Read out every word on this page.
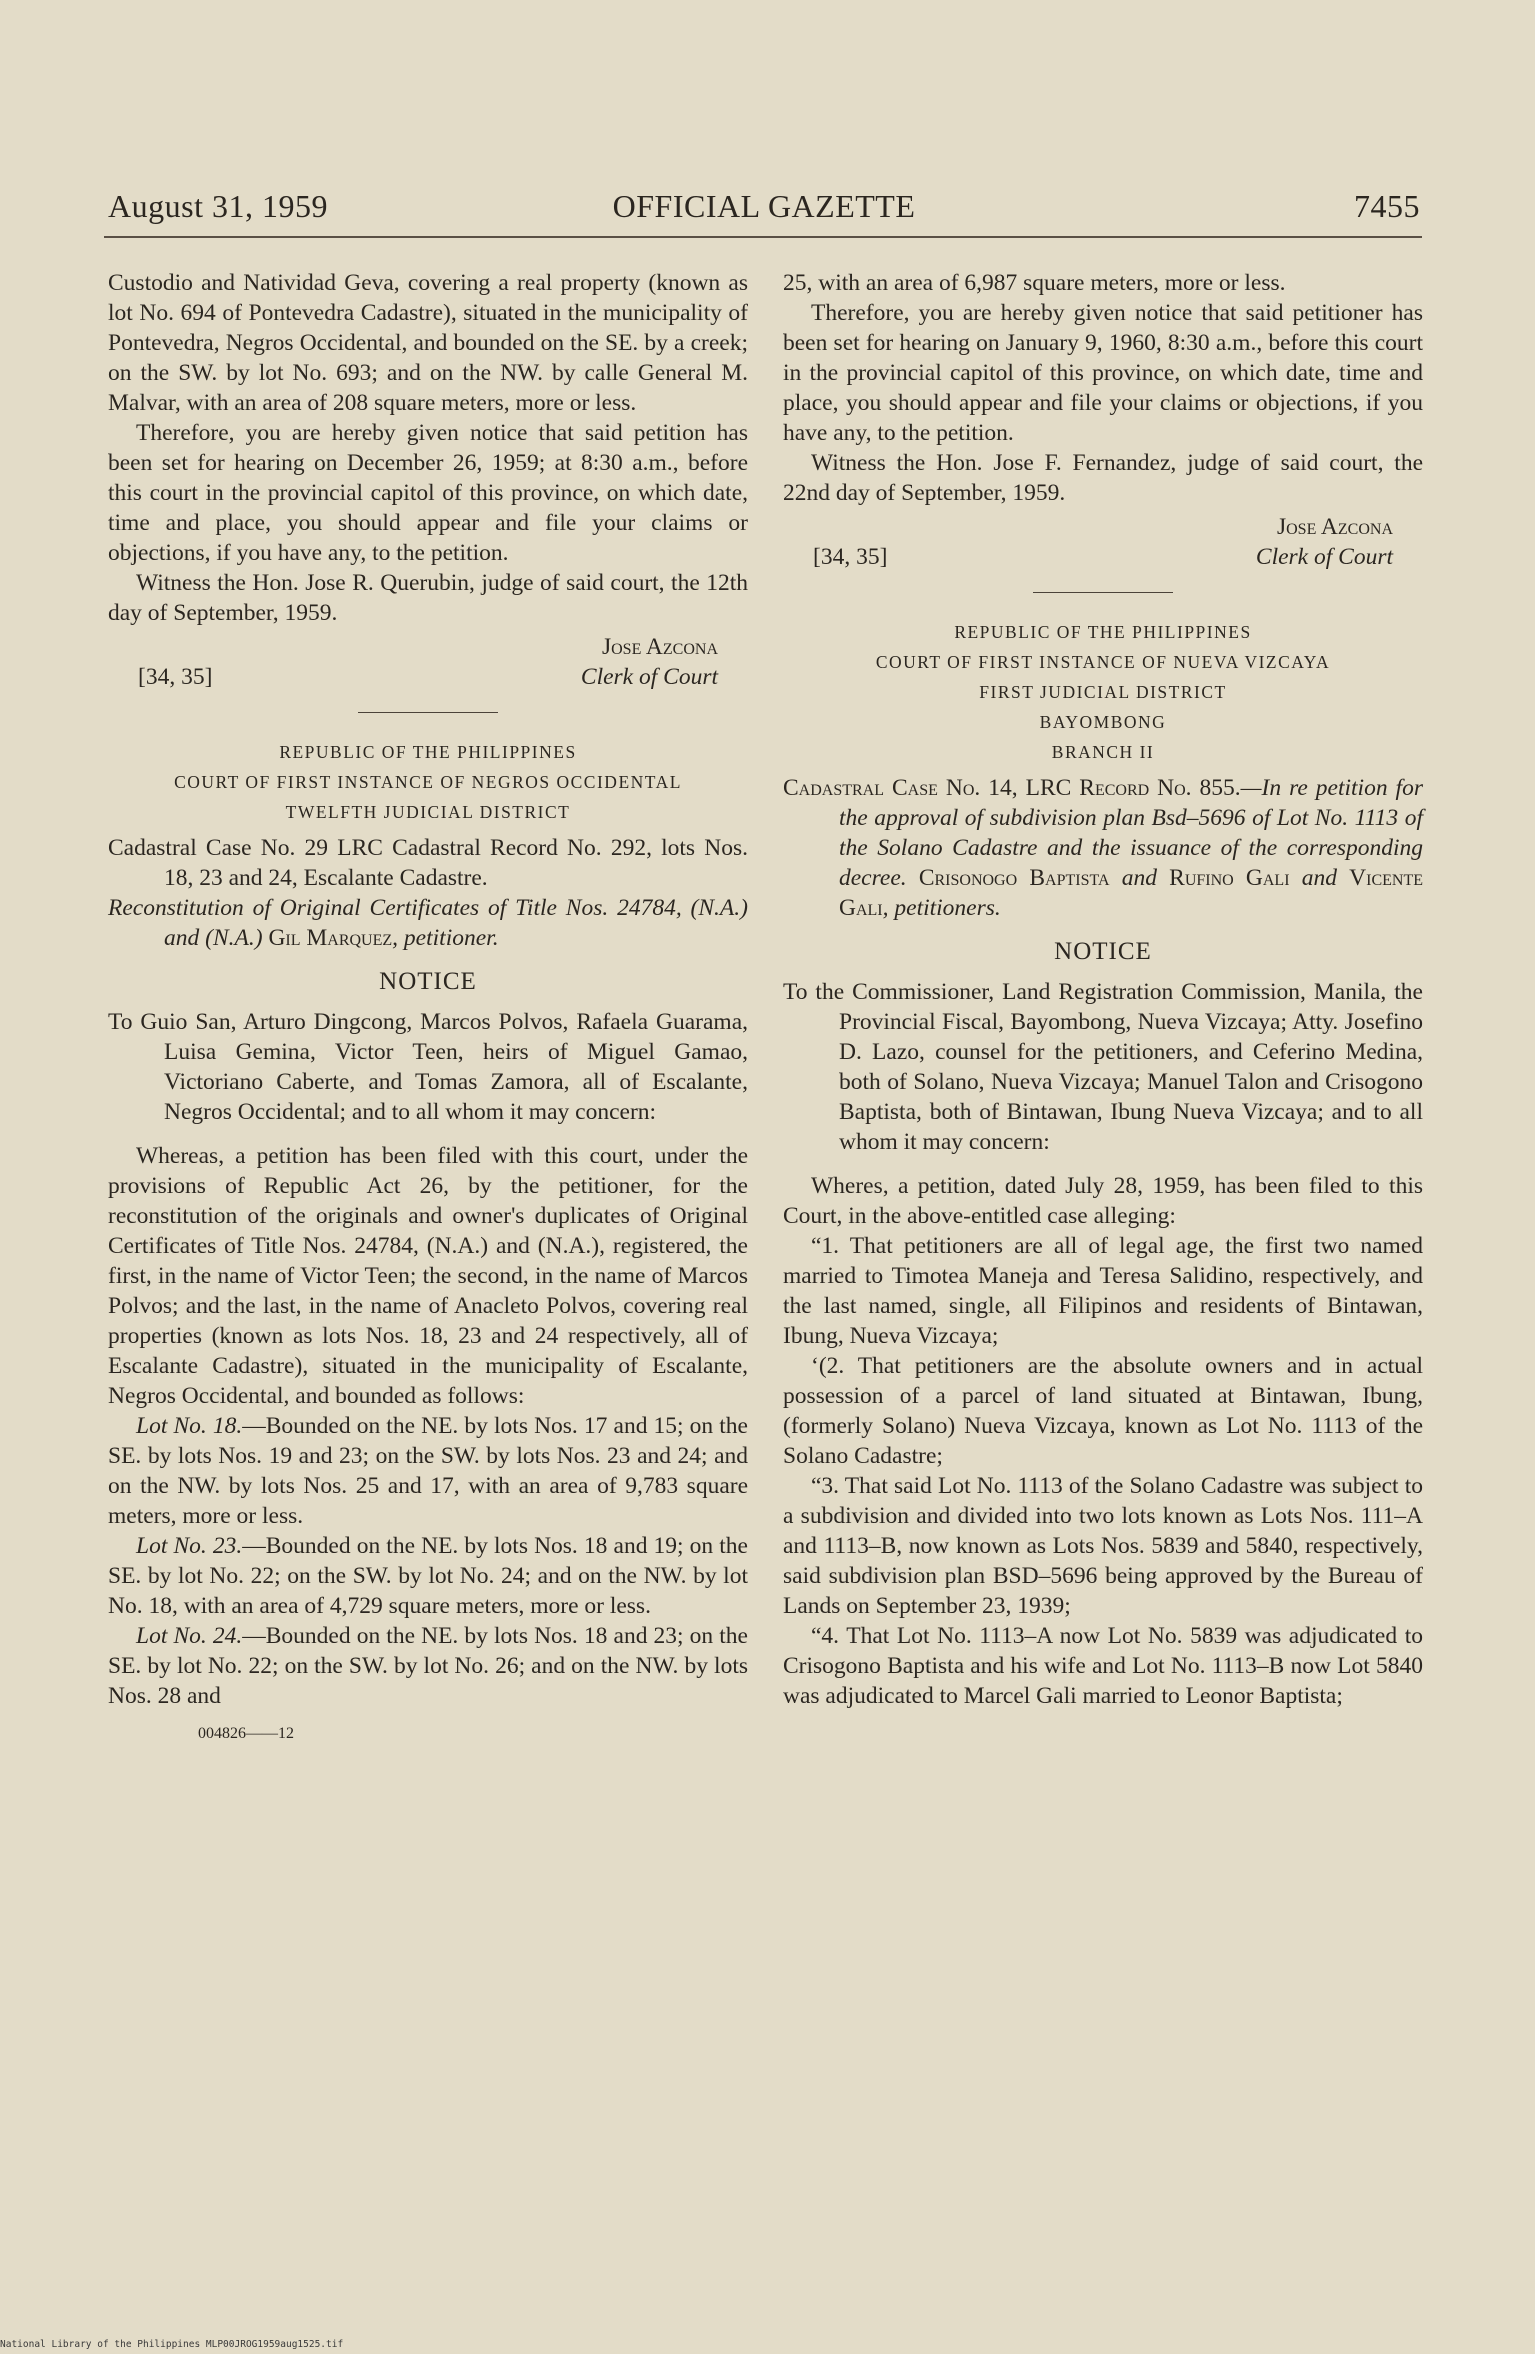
August 31, 1959	OFFICIAL GAZETTE	7455

Custodio and Natividad Geva, covering a real property (known as lot No. 694 of Pontevedra Cadastre), situated in the municipality of Pontevedra, Negros Occidental, and bounded on the SE. by a creek; on the SW. by lot No. 693; and on the NW. by calle General M. Malvar, with an area of 208 square meters, more or less.

Therefore, you are hereby given notice that said petition has been set for hearing on December 26, 1959; at 8:30 a.m., before this court in the provincial capitol of this province, on which date, time and place, you should appear and file your claims or objections, if you have any, to the petition.

Witness the Hon. Jose R. Querubin, judge of said court, the 12th day of September, 1959.

Jose Azcona
[34, 35]	Clerk of Court
REPUBLIC OF THE PHILIPPINES
COURT OF FIRST INSTANCE OF NEGROS OCCIDENTAL
TWELFTH JUDICIAL DISTRICT

Cadastral Case No. 29 LRC Cadastral Record No. 292, lots Nos. 18, 23 and 24, Escalante Cadastre.

Reconstitution of Original Certificates of Title Nos. 24784, (N.A.) and (N.A.) Gil Marquez, petitioner.

NOTICE

To Guio San, Arturo Dingcong, Marcos Polvos, Rafaela Guarama, Luisa Gemina, Victor Teen, heirs of Miguel Gamao, Victoriano Caberte, and Tomas Zamora, all of Escalante, Negros Occidental; and to all whom it may concern:

Whereas, a petition has been filed with this court, under the provisions of Republic Act 26, by the petitioner, for the reconstitution of the originals and owner's duplicates of Original Certificates of Title Nos. 24784, (N.A.) and (N.A.), registered, the first, in the name of Victor Teen; the second, in the name of Marcos Polvos; and the last, in the name of Anacleto Polvos, covering real properties (known as lots Nos. 18, 23 and 24 respectively, all of Escalante Cadastre), situated in the municipality of Escalante, Negros Occidental, and bounded as follows:

Lot No. 18.—Bounded on the NE. by lots Nos. 17 and 15; on the SE. by lots Nos. 19 and 23; on the SW. by lots Nos. 23 and 24; and on the NW. by lots Nos. 25 and 17, with an area of 9,783 square meters, more or less.

Lot No. 23.—Bounded on the NE. by lots Nos. 18 and 19; on the SE. by lot No. 22; on the SW. by lot No. 24; and on the NW. by lot No. 18, with an area of 4,729 square meters, more or less.

Lot No. 24.—Bounded on the NE. by lots Nos. 18 and 23; on the SE. by lot No. 22; on the SW. by lot No. 26; and on the NW. by lots Nos. 28 and

004826——12

25, with an area of 6,987 square meters, more or less.

Therefore, you are hereby given notice that said petitioner has been set for hearing on January 9, 1960, 8:30 a.m., before this court in the provincial capitol of this province, on which date, time and place, you should appear and file your claims or objections, if you have any, to the petition.

Witness the Hon. Jose F. Fernandez, judge of said court, the 22nd day of September, 1959.

Jose Azcona
[34, 35]	Clerk of Court
REPUBLIC OF THE PHILIPPINES
COURT OF FIRST INSTANCE OF NUEVA VIZCAYA
FIRST JUDICIAL DISTRICT
BAYOMBONG
BRANCH II

Cadastral Case No. 14, LRC Record No. 855.—In re petition for the approval of subdivision plan Bsd–5696 of Lot No. 1113 of the Solano Cadastre and the issuance of the corresponding decree. Crisonogo Baptista and Rufino Gali and Vicente Gali, petitioners.

NOTICE

To the Commissioner, Land Registration Commission, Manila, the Provincial Fiscal, Bayombong, Nueva Vizcaya; Atty. Josefino D. Lazo, counsel for the petitioners, and Ceferino Medina, both of Solano, Nueva Vizcaya; Manuel Talon and Crisogono Baptista, both of Bintawan, Ibung Nueva Vizcaya; and to all whom it may concern:

Wheres, a petition, dated July 28, 1959, has been filed to this Court, in the above-entitled case alleging:

“1. That petitioners are all of legal age, the first two named married to Timotea Maneja and Teresa Salidino, respectively, and the last named, single, all Filipinos and residents of Bintawan, Ibung, Nueva Vizcaya;

‘(2. That petitioners are the absolute owners and in actual possession of a parcel of land situated at Bintawan, Ibung, (formerly Solano) Nueva Vizcaya, known as Lot No. 1113 of the Solano Cadastre;

“3. That said Lot No. 1113 of the Solano Cadastre was subject to a subdivision and divided into two lots known as Lots Nos. 111–A and 1113–B, now known as Lots Nos. 5839 and 5840, respectively, said subdivision plan BSD–5696 being approved by the Bureau of Lands on September 23, 1939;

“4. That Lot No. 1113–A now Lot No. 5839 was adjudicated to Crisogono Baptista and his wife and Lot No. 1113–B now Lot 5840 was adjudicated to Marcel Gali married to Leonor Baptista;

National Library of the Philippines MLP00JROG1959aug1525.tif
